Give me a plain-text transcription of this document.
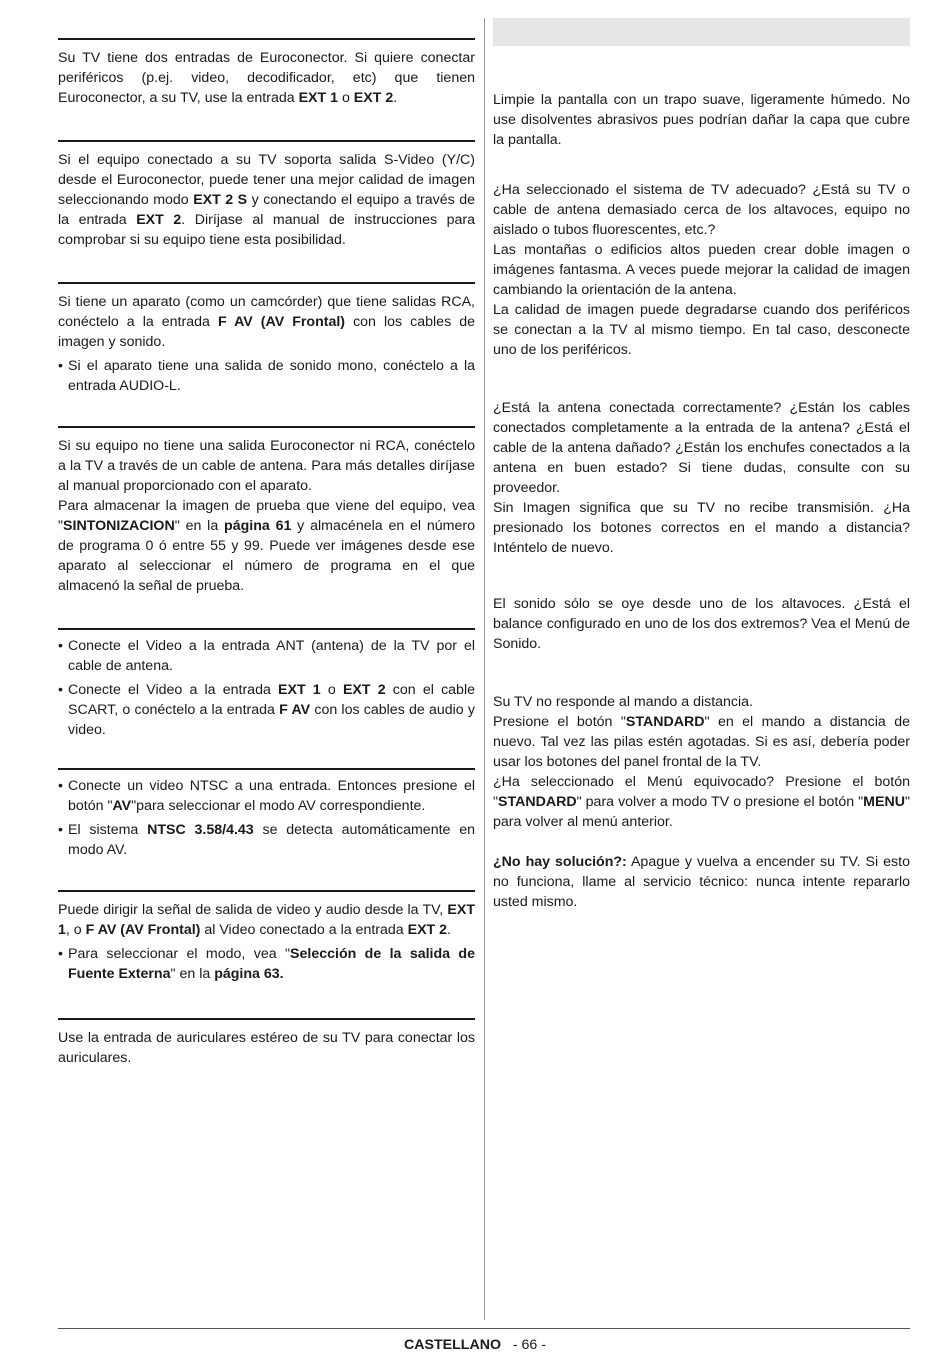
Su TV tiene dos entradas de Euroconector. Si quiere conectar periféricos (p.ej. video, decodificador, etc) que tienen Euroconector, a su TV, use la entrada EXT 1 o EXT 2.

Si el equipo conectado a su TV soporta salida S-Video (Y/C) desde el Euroconector, puede tener una mejor calidad de imagen seleccionando modo EXT 2 S y conectando el equipo a través de la entrada EXT 2. Diríjase al manual de instrucciones para comprobar si su equipo tiene esta posibilidad.

Si tiene un aparato (como un camcórder) que tiene salidas RCA, conéctelo a la entrada F AV (AV Frontal) con los cables de imagen y sonido.

• Si el aparato tiene una salida de sonido mono, conéctelo a la entrada AUDIO-L.

Si su equipo no tiene una salida Euroconector ni RCA, conéctelo a la TV a través de un cable de antena. Para más detalles diríjase al manual proporcionado con el aparato.

Para almacenar la imagen de prueba que viene del equipo, vea "SINTONIZACION" en la página 61 y almacénela en el número de programa 0 ó entre 55 y 99. Puede ver imágenes desde ese aparato al seleccionar el número de programa en el que almacenó la señal de prueba.

• Conecte el Video a la entrada ANT (antena) de la TV por el cable de antena.
• Conecte el Video a la entrada EXT 1 o EXT 2 con el cable SCART, o conéctelo a la entrada F AV con los cables de audio y video.
• Conecte un video NTSC a una entrada. Entonces presione el botón "AV"para seleccionar el modo AV correspondiente.
• El sistema NTSC 3.58/4.43 se detecta automáticamente en modo AV.

Puede dirigir la señal de salida de video y audio desde la TV, EXT 1, o F AV (AV Frontal) al Video conectado a la entrada EXT 2.

• Para seleccionar el modo, vea "Selección de la salida de Fuente Externa" en la página 63.

Use la entrada de auriculares estéreo de su TV para conectar los auriculares.

Limpie la pantalla con un trapo suave, ligeramente húmedo. No use disolventes abrasivos pues podrían dañar la capa que cubre la pantalla.

¿Ha seleccionado el sistema de TV adecuado? ¿Está su TV o cable de antena demasiado cerca de los altavoces, equipo no aislado o tubos fluorescentes, etc.?

Las montañas o edificios altos pueden crear doble imagen o imágenes fantasma. A veces puede mejorar la calidad de imagen cambiando la orientación de la antena.

La calidad de imagen puede degradarse cuando dos periféricos se conectan a la TV al mismo tiempo. En tal caso, desconecte uno de los periféricos.

¿Está la antena conectada correctamente? ¿Están los cables conectados completamente a la entrada de la antena? ¿Está el cable de la antena dañado? ¿Están los enchufes conectados a la antena en buen estado? Si tiene dudas, consulte con su proveedor.

Sin Imagen significa que su TV no recibe transmisión. ¿Ha presionado los botones correctos en el mando a distancia? Inténtelo de nuevo.

El sonido sólo se oye desde uno de los altavoces. ¿Está el balance configurado en uno de los dos extremos? Vea el Menú de Sonido.

Su TV no responde al mando a distancia.

Presione el botón "STANDARD" en el mando a distancia de nuevo. Tal vez las pilas estén agotadas. Si es así, debería poder usar los botones del panel frontal de la TV.

¿Ha seleccionado el Menú equivocado? Presione el botón "STANDARD" para volver a modo TV o presione el botón "MENU" para volver al menú anterior.

¿No hay solución?: Apague y vuelva a encender su TV. Si esto no funciona, llame al servicio técnico: nunca intente repararlo usted mismo.

CASTELLANO - 66 -
